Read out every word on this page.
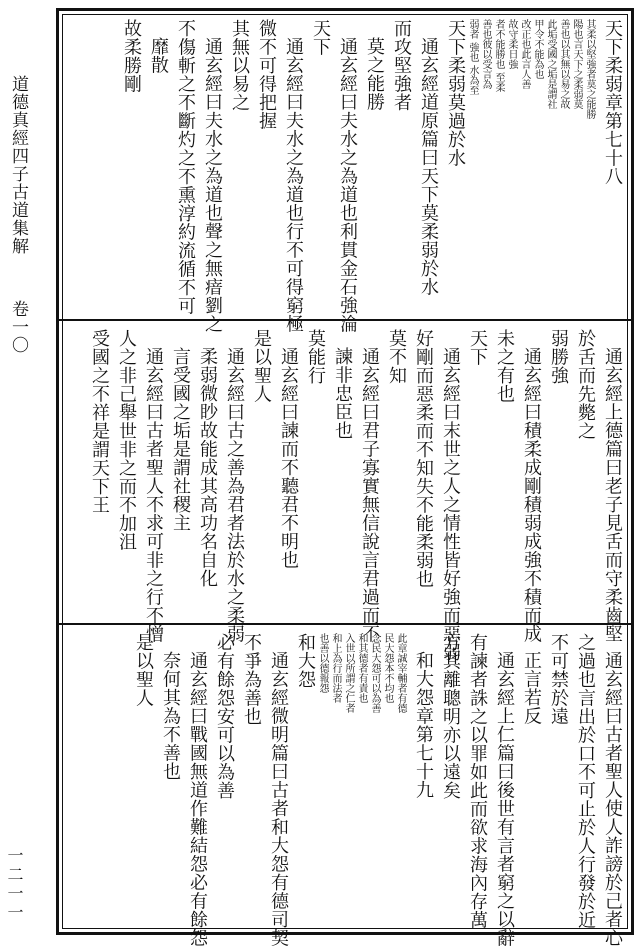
道德真經四子古道集解
卷一〇
一二一一
天下柔弱章第七十八
其柔以堅強者莫之能勝
陽也言天下之柔弱莫
善也以其無以易之故
此垢受國之垢是謂社
甲令不能為也
改正也此言人善
故守柔日強
者不能勝也 至柔
善也彼以受言為
弱者 強也 水為至
天下柔弱莫過於水
通玄經道原篇曰天下莫柔弱於水
而攻堅強者
莫之能勝
通玄經曰夫水之為道也利貫金石強淪
天下
通玄經曰夫水之為道也行不可得窮極
微不可得把握
其無以易之
通玄經曰夫水之為道也聲之無瘖劉之
不傷斬之不斷灼之不熏淳約流循不可
靡散
故柔勝剛
通玄經上德篇曰老子見舌而守柔齒堅
於舌而先斃之
弱勝強
通玄經曰積柔成剛積弱成強不積而成
未之有也
天下
通玄經曰末世之人之情性皆好強而惡弱
好剛而惡柔而不知失不能柔弱也
莫不知
通玄經曰君子寡實無信說言君過而不
諫非忠臣也
莫能行
通玄經曰諫而不聽君不明也
是以聖人
通玄經曰古之善為君者法於水之柔弱
柔弱微眇故能成其高功名自化
言受國之垢是謂社稷主
通玄經曰古者聖人不求可非之行不憎
人之非己舉世非之而不加沮
受國之不祥是謂天下王
通玄經曰古者聖人使人詐謗於己者心
之過也言出於口不可止於人行發於近
不可禁於遠
正言若反
通玄經上仁篇曰後世有言者窮之以辭
有諫者誅之以罪如此而欲求海內存萬
方其離聰明亦以遠矣
和大怨章第七十九
此章誠宰輔者有德
民大怨本不均也
念民大怨可以為善
和其德者有責也
入世以所謂之仁者
和上為行而法者
也善以德報怨
和大怨
通玄經微明篇曰古者和大怨有德司契
不爭為善也
必有餘怨安可以為善
通玄經曰戰國無道作難結怨必有餘怨
奈何其為不善也
是以聖人
